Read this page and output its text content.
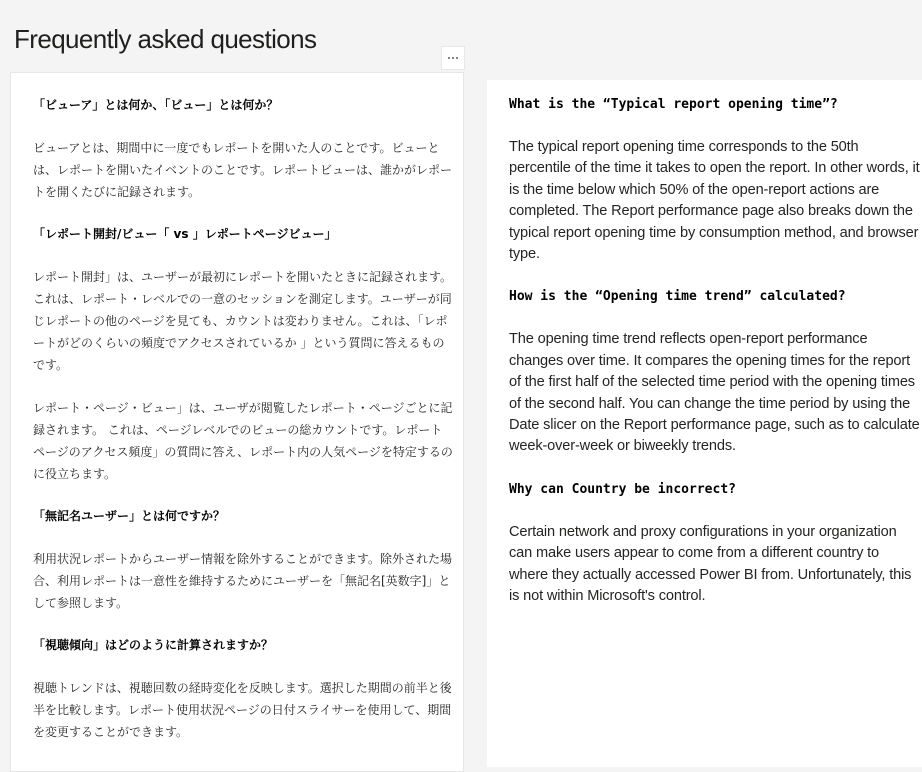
Frequently asked questions
「ビューア」とは何か、「ビュー」とは何か？
ビューアとは、期間中に一度でもレポートを開いた人のことです。ビューとは、レポートを開いたイベントのことです。レポートビューは、誰かがレポートを開くたびに記録されます。
「レポート開封/ビュー「 vs 」レポートページビュー」
レポート開封」は、ユーザーが最初にレポートを開いたときに記録されます。これは、レポート・レベルでの一意のセッションを測定します。ユーザーが同じレポートの他のページを見ても、カウントは変わりません。これは、「レポートがどのくらいの頻度でアクセスされているか 」という質問に答えるものです。
レポート・ページ・ビュー」は、ユーザが閲覧したレポート・ページごとに記録されます。 これは、ページレベルでのビューの総カウントです。レポートページのアクセス頻度」の質問に答え、レポート内の人気ページを特定するのに役立ちます。
「無記名ユーザー」とは何ですか？
利用状況レポートからユーザー情報を除外することができます。除外された場合、利用レポートは一意性を維持するためにユーザーを「無記名[英数字]」として参照します。
「視聴傾向」はどのように計算されますか？
視聴トレンドは、視聴回数の経時変化を反映します。選択した期間の前半と後半を比較します。レポート使用状況ページの日付スライサーを使用して、期間を変更することができます。
What is the “Typical report opening time”?
The typical report opening time corresponds to the 50th percentile of the time it takes to open the report. In other words, it is the time below which 50% of the open-report actions are completed. The Report performance page also breaks down the typical report opening time by consumption method, and browser type.
How is the “Opening time trend” calculated?
The opening time trend reflects open-report performance changes over time. It compares the opening times for the report of the first half of the selected time period with the opening times of the second half. You can change the time period by using the Date slicer on the Report performance page, such as to calculate week-over-week or biweekly trends.
Why can Country be incorrect?
Certain network and proxy configurations in your organization can make users appear to come from a different country to where they actually accessed Power BI from. Unfortunately, this is not within Microsoft's control.
